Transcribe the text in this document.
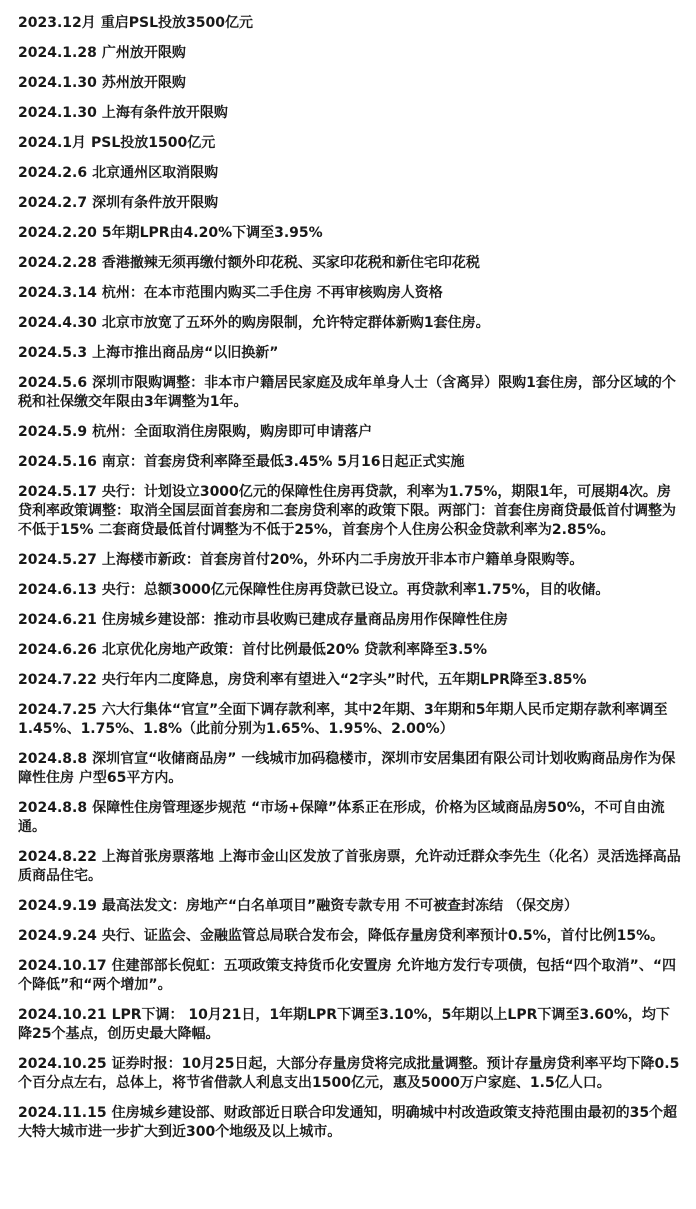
2023.12月 重启PSL投放3500亿元
2024.1.28 广州放开限购
2024.1.30 苏州放开限购
2024.1.30 上海有条件放开限购
2024.1月 PSL投放1500亿元
2024.2.6 北京通州区取消限购
2024.2.7 深圳有条件放开限购
2024.2.20 5年期LPR由4.20%下调至3.95%
2024.2.28 香港撤辣无须再缴付额外印花税、买家印花税和新住宅印花税
2024.3.14 杭州：在本市范围内购买二手住房 不再审核购房人资格
2024.4.30 北京市放宽了五环外的购房限制，允许特定群体新购1套住房。
2024.5.3 上海市推出商品房“以旧换新”
2024.5.6 深圳市限购调整：非本市户籍居民家庭及成年单身人士（含离异）限购1套住房，部分区域的个税和社保缴交年限由3年调整为1年。
2024.5.9 杭州：全面取消住房限购，购房即可申请落户
2024.5.16 南京：首套房贷利率降至最低3.45% 5月16日起正式实施
2024.5.17 央行：计划设立3000亿元的保障性住房再贷款，利率为1.75%，期限1年，可展期4次。房贷利率政策调整：取消全国层面首套房和二套房贷利率的政策下限。两部门：首套住房商贷最低首付调整为不低于15% 二套商贷最低首付调整为不低于25%，首套房个人住房公积金贷款利率为2.85%。
2024.5.27 上海楼市新政：首套房首付20%，外环内二手房放开非本市户籍单身限购等。
2024.6.13 央行：总额3000亿元保障性住房再贷款已设立。再贷款利率1.75%，目的收储。
2024.6.21 住房城乡建设部：推动市县收购已建成存量商品房用作保障性住房
2024.6.26 北京优化房地产政策：首付比例最低20% 贷款利率降至3.5%
2024.7.22 央行年内二度降息，房贷利率有望进入“2字头”时代，五年期LPR降至3.85%
2024.7.25 六大行集体“官宣”全面下调存款利率，其中2年期、3年期和5年期人民币定期存款利率调至1.45%、1.75%、1.8%（此前分别为1.65%、1.95%、2.00%）
2024.8.8 深圳官宣“收储商品房” 一线城市加码稳楼市，深圳市安居集团有限公司计划收购商品房作为保障性住房 户型65平方内。
2024.8.8 保障性住房管理逐步规范 “市场+保障”体系正在形成，价格为区域商品房50%，不可自由流通。
2024.8.22 上海首张房票落地 上海市金山区发放了首张房票，允许动迁群众李先生（化名）灵活选择高品质商品住宅。
2024.9.19 最高法发文：房地产“白名单项目”融资专款专用 不可被查封冻结 （保交房）
2024.9.24 央行、证监会、金融监管总局联合发布会，降低存量房贷利率预计0.5%，首付比例15%。
2024.10.17 住建部部长倪虹：五项政策支持货币化安置房 允许地方发行专项债，包括“四个取消”、“四个降低”和“两个增加”。
2024.10.21 LPR下调： 10月21日，1年期LPR下调至3.10%，5年期以上LPR下调至3.60%，均下降25个基点，创历史最大降幅。
2024.10.25 证券时报：10月25日起，大部分存量房贷将完成批量调整。预计存量房贷利率平均下降0.5个百分点左右，总体上，将节省借款人利息支出1500亿元，惠及5000万户家庭、1.5亿人口。
2024.11.15 住房城乡建设部、财政部近日联合印发通知，明确城中村改造政策支持范围由最初的35个超大特大城市进一步扩大到近300个地级及以上城市。
